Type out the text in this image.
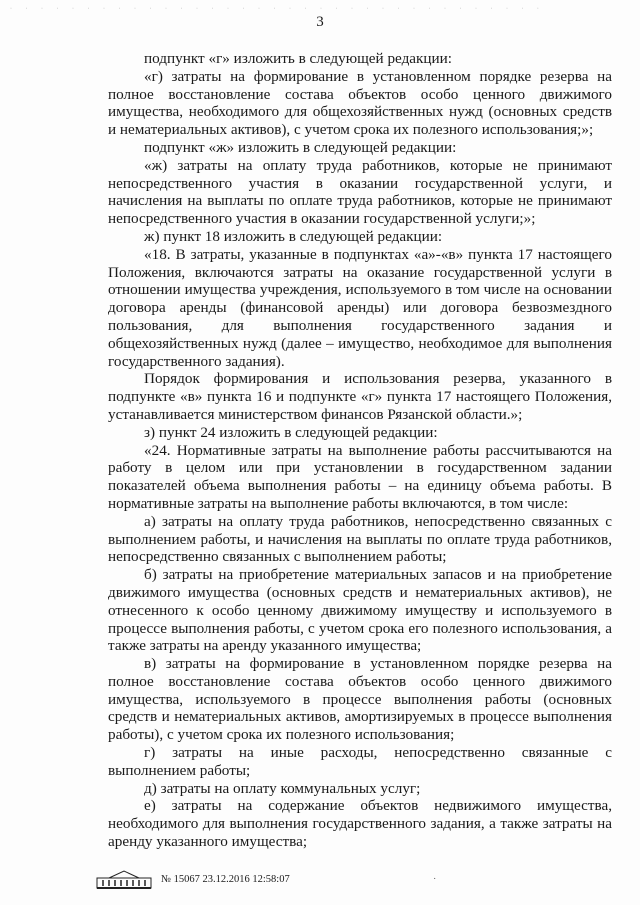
· · · · · · · · · · · · · · · · · · · · · · · · · · · · · · · · · · ·
3

подпункт «г» изложить в следующей редакции:

«г) затраты на формирование в установленном порядке резерва на

полное восстановление состава объектов особо ценного движимого

имущества, необходимого для общехозяйственных нужд (основных средств

и нематериальных активов), с учетом срока их полезного использования;»;

подпункт «ж» изложить в следующей редакции:

«ж) затраты на оплату труда работников, которые не принимают

непосредственного участия в оказании государственной услуги, и

начисления на выплаты по оплате труда работников, которые не принимают

непосредственного участия в оказании государственной услуги;»;

ж) пункт 18 изложить в следующей редакции:

«18. В затраты, указанные в подпунктах «а»-«в» пункта 17 настоящего

Положения, включаются затраты на оказание государственной услуги в

отношении имущества учреждения, используемого в том числе на основании

договора аренды (финансовой аренды) или договора безвозмездного

пользования, для выполнения государственного задания и

общехозяйственных нужд (далее – имущество, необходимое для выполнения

государственного задания).

Порядок формирования и использования резерва, указанного в

подпункте «в» пункта 16 и подпункте «г» пункта 17 настоящего Положения,

устанавливается министерством финансов Рязанской области.»;

з) пункт 24 изложить в следующей редакции:

«24. Нормативные затраты на выполнение работы рассчитываются на

работу в целом или при установлении в государственном задании

показателей объема выполнения работы – на единицу объема работы. В

нормативные затраты на выполнение работы включаются, в том числе:

а) затраты на оплату труда работников, непосредственно связанных с

выполнением работы, и начисления на выплаты по оплате труда работников,

непосредственно связанных с выполнением работы;

б) затраты на приобретение материальных запасов и на приобретение

движимого имущества (основных средств и нематериальных активов), не

отнесенного к особо ценному движимому имуществу и используемого в

процессе выполнения работы, с учетом срока его полезного использования, а

также затраты на аренду указанного имущества;

в) затраты на формирование в установленном порядке резерва на

полное восстановление состава объектов особо ценного движимого

имущества, используемого в процессе выполнения работы (основных

средств и нематериальных активов, амортизируемых в процессе выполнения

работы), с учетом срока их полезного использования;

г) затраты на иные расходы, непосредственно связанные с

выполнением работы;

д) затраты на оплату коммунальных услуг;

е) затраты на содержание объектов недвижимого имущества,

необходимого для выполнения государственного задания, а также затраты на

аренду указанного имущества;

№ 15067 23.12.2016 12:58:07	˙
